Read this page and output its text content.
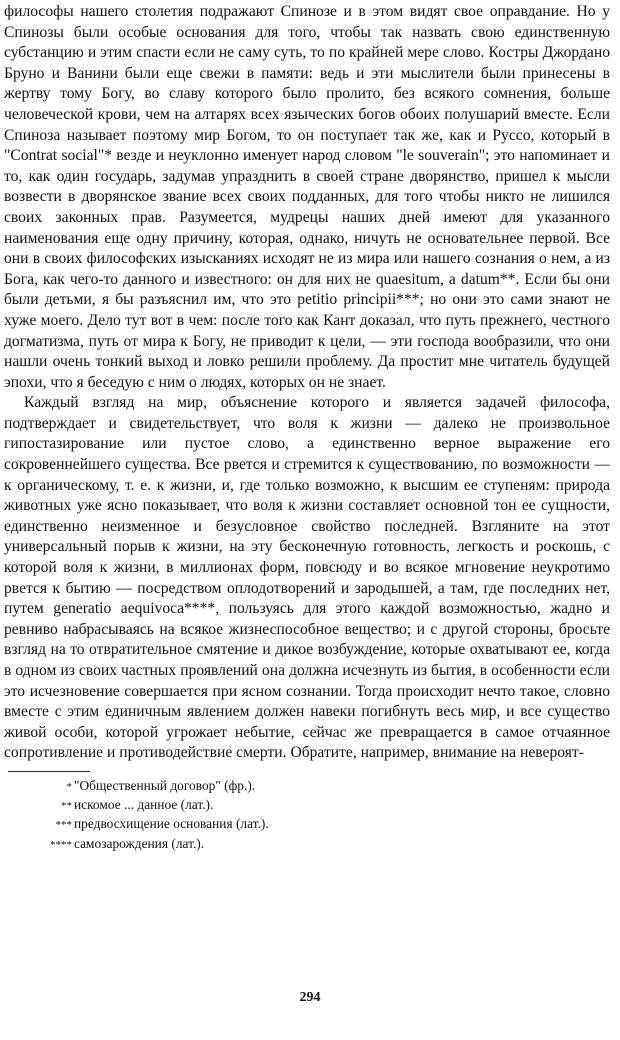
философы нашего столетия подражают Спинозе и в этом видят свое оправдание. Но у Спинозы были особые основания для того, чтобы так назвать свою единственную субстанцию и этим спасти если не саму суть, то по крайней мере слово. Костры Джордано Бруно и Ванини были еще свежи в памяти: ведь и эти мыслители были принесены в жертву тому Богу, во славу которого было пролито, без всякого сомнения, больше человеческой крови, чем на алтарях всех языческих богов обоих полушарий вместе. Если Спиноза называет поэтому мир Богом, то он поступает так же, как и Руссо, который в "Contrat social"* везде и неуклонно именует народ словом "le souverain"; это напоминает и то, как один государь, задумав упразднить в своей стране дворянство, пришел к мысли возвести в дворянское звание всех своих подданных, для того чтобы никто не лишился своих законных прав. Разумеется, мудрецы наших дней имеют для указанного наименования еще одну причину, которая, однако, ничуть не основательнее первой. Все они в своих философских изысканиях исходят не из мира или нашего сознания о нем, а из Бога, как чего-то данного и известного: он для них не quaesitum, a datum**. Если бы они были детьми, я бы разъяснил им, что это petitio principii***; но они это сами знают не хуже моего. Дело тут вот в чем: после того как Кант доказал, что путь прежнего, честного догматизма, путь от мира к Богу, не приводит к цели, — эти господа вообразили, что они нашли очень тонкий выход и ловко решили проблему. Да простит мне читатель будущей эпохи, что я беседую с ним о людях, которых он не знает.

Каждый взгляд на мир, объяснение которого и является задачей философа, подтверждает и свидетельствует, что воля к жизни — далеко не произвольное гипостазирование или пустое слово, а единственно верное выражение его сокровеннейшего существа. Все рвется и стремится к существованию, по возможности — к органическому, т. е. к жизни, и, где только возможно, к высшим ее ступеням: природа животных уже ясно показывает, что воля к жизни составляет основной тон ее сущности, единственно неизменное и безусловное свойство последней. Взгляните на этот универсальный порыв к жизни, на эту бесконечную готовность, легкость и роскошь, с которой воля к жизни, в миллионах форм, повсюду и во всякое мгновение неукротимо рвется к бытию — посредством оплодотворений и зародышей, а там, где последних нет, путем generatio aequivoca****, пользуясь для этого каждой возможностью, жадно и ревниво набрасываясь на всякое жизнеспособное вещество; и с другой стороны, бросьте взгляд на то отвратительное смятение и дикое возбуждение, которые охватывают ее, когда в одном из своих частных проявлений она должна исчезнуть из бытия, в особенности если это исчезновение совершается при ясном сознании. Тогда происходит нечто такое, словно вместе с этим единичным явлением должен навеки погибнуть весь мир, и все существо живой особи, которой угрожает небытие, сейчас же превращается в самое отчаянное сопротивление и противодействие смерти. Обратите, например, внимание на невероят-

* "Общественный договор" (фр.).
** искомое ... данное (лат.).
*** предвосхищение основания (лат.).
**** самозарождения (лат.).
294
